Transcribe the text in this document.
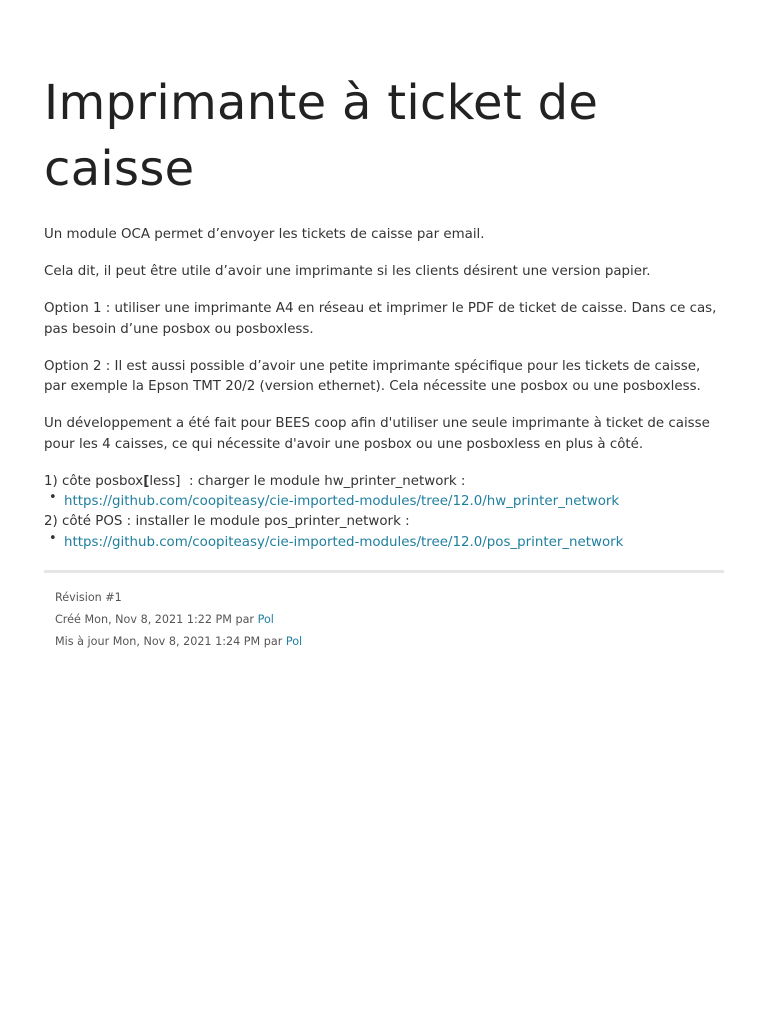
Imprimante à ticket de caisse

Un module OCA permet d’envoyer les tickets de caisse par email.

Cela dit, il peut être utile d’avoir une imprimante si les clients désirent une version papier.

Option 1 : utiliser une imprimante A4 en réseau et imprimer le PDF de ticket de caisse. Dans ce cas, pas besoin d’une posbox ou posboxless.

Option 2 : Il est aussi possible d’avoir une petite imprimante spécifique pour les tickets de caisse, par exemple la Epson TMT 20/2 (version ethernet). Cela nécessite une posbox ou une posboxless.

Un développement a été fait pour BEES coop afin d'utiliser une seule imprimante à ticket de caisse pour les 4 caisses, ce qui nécessite d'avoir une posbox ou une posboxless en plus à côté.

1) côte posbox[less]  : charger le module hw_printer_network :

• https://github.com/coopiteasy/cie-imported-modules/tree/12.0/hw_printer_network

2) côté POS : installer le module pos_printer_network :

• https://github.com/coopiteasy/cie-imported-modules/tree/12.0/pos_printer_network
Révision #1
Créé Mon, Nov 8, 2021 1:22 PM par Pol
Mis à jour Mon, Nov 8, 2021 1:24 PM par Pol
